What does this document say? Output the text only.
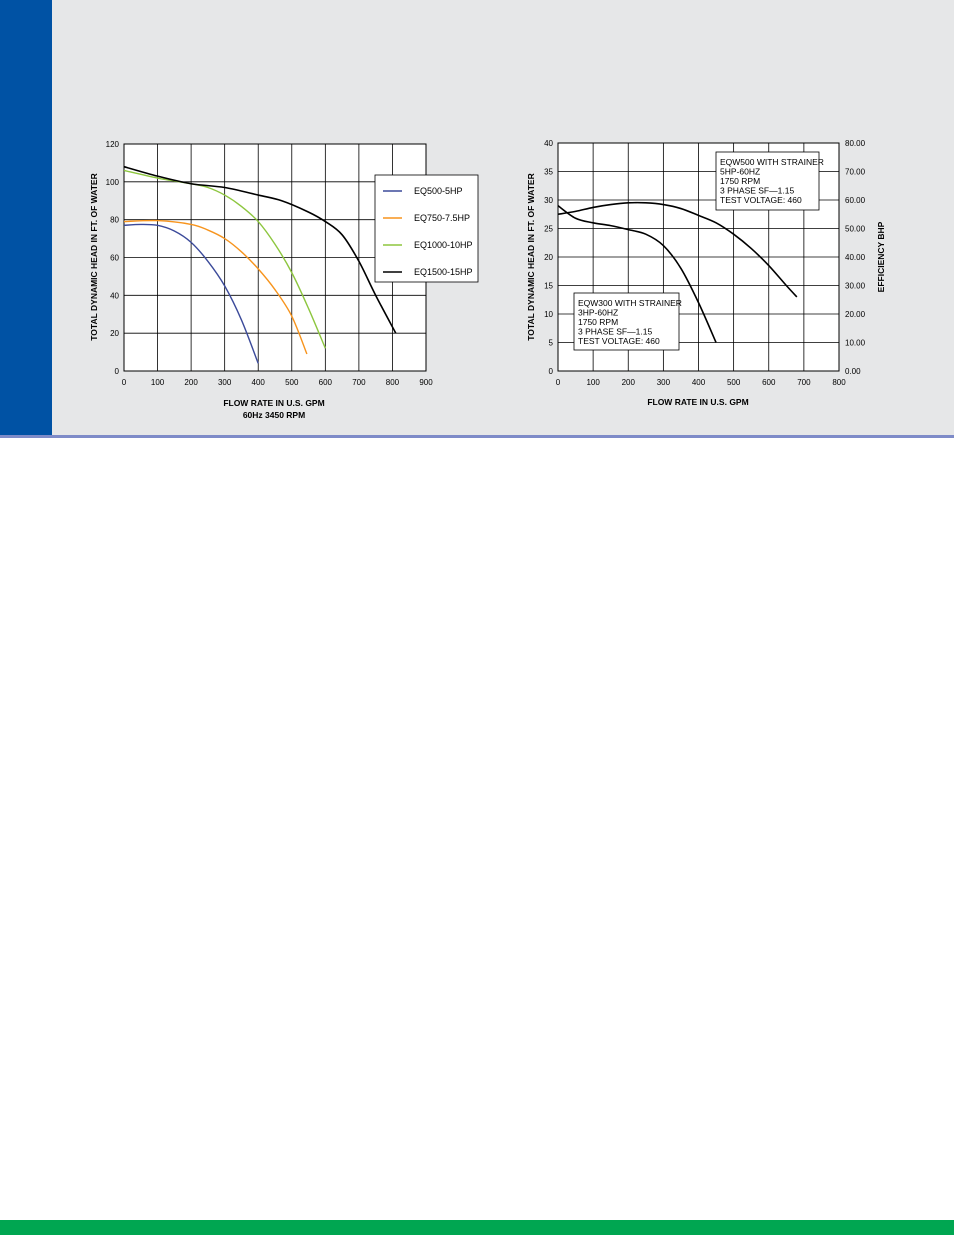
0	100	200	300	400	500	600	700	800	900
0
20
40
60
80
100
120
FLOW RATE IN U.S. GPM
60Hz 3450 RPM
TOTAL DYNAMIC HEAD IN FT. OF WATER	EQ500-5HP
EQ750-7.5HP
EQ1000-10HP
EQ1500-15HP
0	100	200	300	400	500	600	700	800
0
5
10
15
20
25
30
35
40
0.00
10.00
20.00
30.00
40.00
50.00
60.00
70.00
80.00
FLOW RATE IN U.S. GPM
TOTAL DYNAMIC HEAD IN FT. OF WATER	EFFICIENCY BHP
EQW500 WITH STRAINER
5HP-60HZ
1750 RPM
3 PHASE SF—1.15
TEST VOLTAGE: 460
EQW300 WITH STRAINER
3HP-60HZ
1750 RPM
3 PHASE SF—1.15
TEST VOLTAGE: 460
